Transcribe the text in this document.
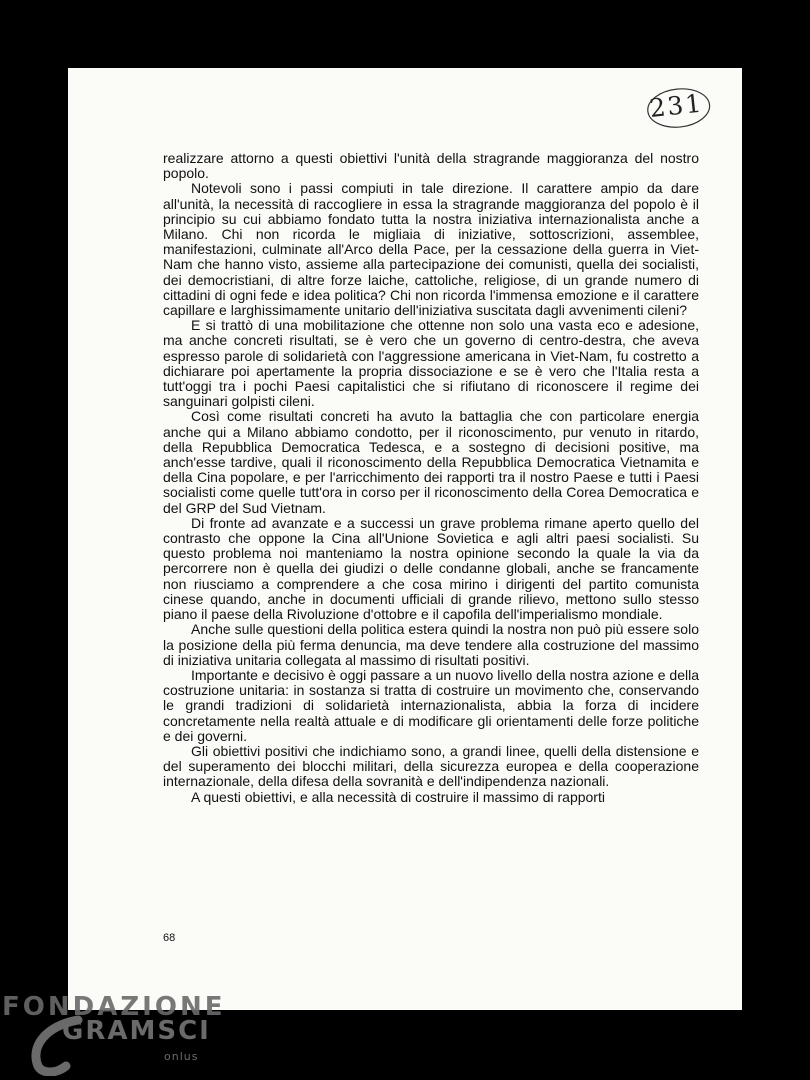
231

realizzare attorno a questi obiettivi l'unità della stragrande maggioranza del nostro popolo.

Notevoli sono i passi compiuti in tale direzione. Il carattere ampio da dare all'unità, la necessità di raccogliere in essa la stragrande maggioranza del popolo è il principio su cui abbiamo fondato tutta la nostra iniziativa internazionalista anche a Milano. Chi non ricorda le migliaia di iniziative, sottoscrizioni, assemblee, manifestazioni, culminate all'Arco della Pace, per la cessazione della guerra in Viet-Nam che hanno visto, assieme alla partecipazione dei comunisti, quella dei socialisti, dei democristiani, di altre forze laiche, cattoliche, religiose, di un grande numero di cittadini di ogni fede e idea politica? Chi non ricorda l'immensa emozione e il carattere capillare e larghissimamente unitario dell'iniziativa suscitata dagli avvenimenti cileni?

E si trattò di una mobilitazione che ottenne non solo una vasta eco e adesione, ma anche concreti risultati, se è vero che un governo di centro-destra, che aveva espresso parole di solidarietà con l'aggressione americana in Viet-Nam, fu costretto a dichiarare poi apertamente la propria dissociazione e se è vero che l'Italia resta a tutt'oggi tra i pochi Paesi capitalistici che si rifiutano di riconoscere il regime dei sanguinari golpisti cileni.

Così come risultati concreti ha avuto la battaglia che con particolare energia anche qui a Milano abbiamo condotto, per il riconoscimento, pur venuto in ritardo, della Repubblica Democratica Tedesca, e a sostegno di decisioni positive, ma anch'esse tardive, quali il riconoscimento della Repubblica Democratica Vietnamita e della Cina popolare, e per l'arricchimento dei rapporti tra il nostro Paese e tutti i Paesi socialisti come quelle tutt'ora in corso per il riconoscimento della Corea Democratica e del GRP del Sud Vietnam.

Di fronte ad avanzate e a successi un grave problema rimane aperto quello del contrasto che oppone la Cina all'Unione Sovietica e agli altri paesi socialisti. Su questo problema noi manteniamo la nostra opinione secondo la quale la via da percorrere non è quella dei giudizi o delle condanne globali, anche se francamente non riusciamo a comprendere a che cosa mirino i dirigenti del partito comunista cinese quando, anche in documenti ufficiali di grande rilievo, mettono sullo stesso piano il paese della Rivoluzione d'ottobre e il capofila dell'imperialismo mondiale.

Anche sulle questioni della politica estera quindi la nostra non può più essere solo la posizione della più ferma denuncia, ma deve tendere alla costruzione del massimo di iniziativa unitaria collegata al massimo di risultati positivi.

Importante e decisivo è oggi passare a un nuovo livello della nostra azione e della costruzione unitaria: in sostanza si tratta di costruire un movimento che, conservando le grandi tradizioni di solidarietà internazionalista, abbia la forza di incidere concretamente nella realtà attuale e di modificare gli orientamenti delle forze politiche e dei governi.

Gli obiettivi positivi che indichiamo sono, a grandi linee, quelli della distensione e del superamento dei blocchi militari, della sicurezza europea e della cooperazione internazionale, della difesa della sovranità e dell'indipendenza nazionali.

A questi obiettivi, e alla necessità di costruire il massimo di rapporti

68
FONDAZIONE
GRAMSCI
onlus
